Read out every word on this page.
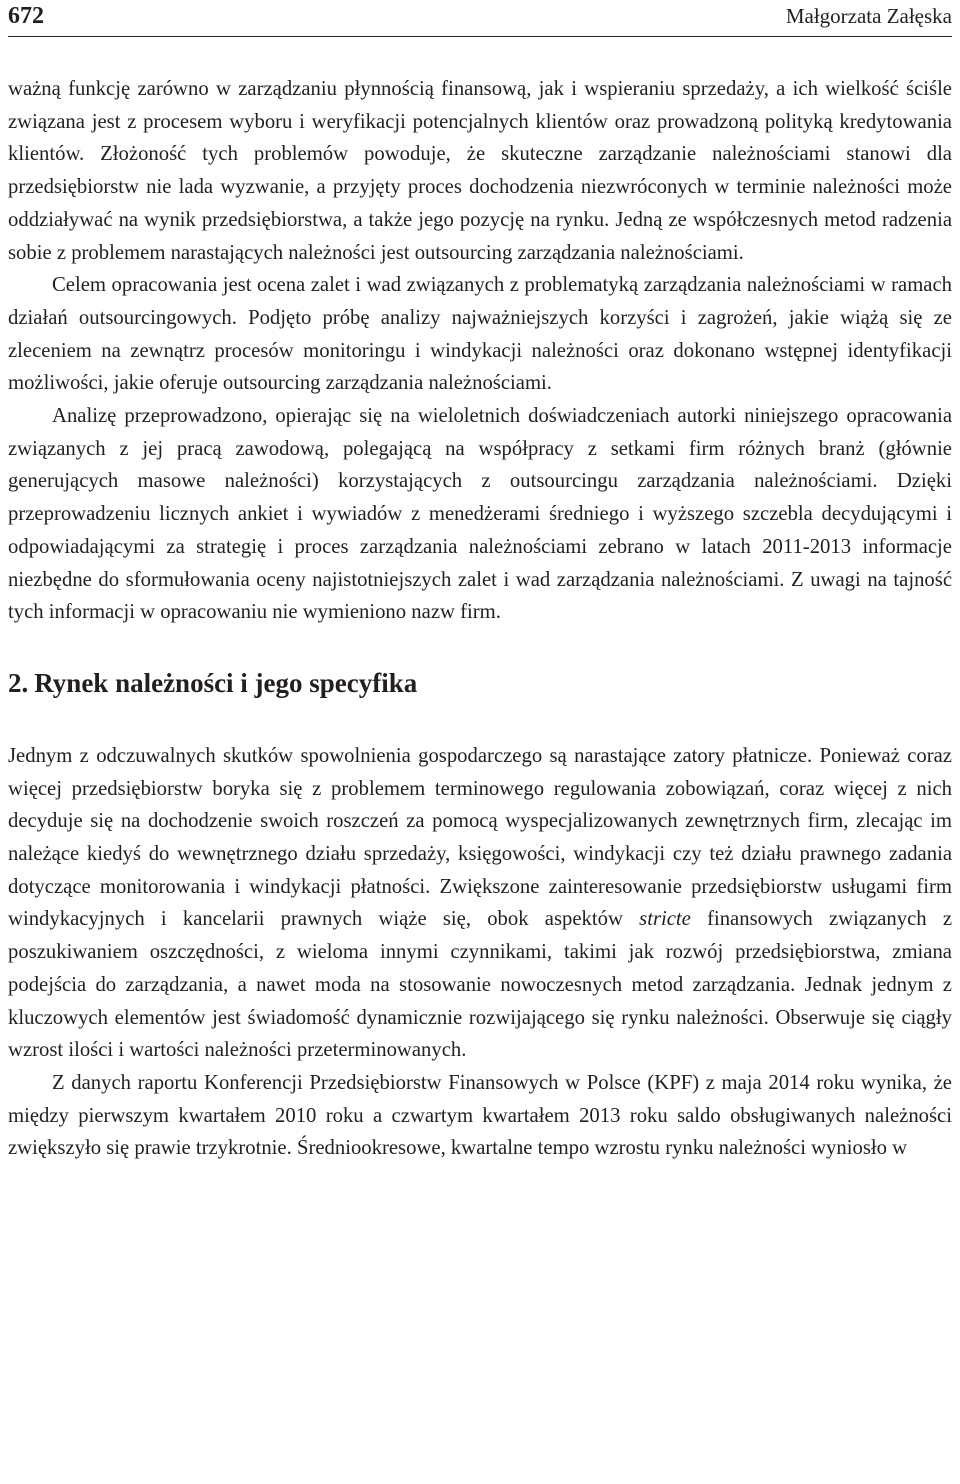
672	Małgorzata Załęska

ważną funkcję zarówno w zarządzaniu płynnością finansową, jak i wspieraniu sprzedaży, a ich wielkość ściśle związana jest z procesem wyboru i weryfikacji potencjalnych klientów oraz prowadzoną polityką kredytowania klientów. Złożoność tych problemów powoduje, że skuteczne zarządzanie należnościami stanowi dla przedsiębiorstw nie lada wyzwanie, a przyjęty proces dochodzenia niezwróconych w terminie należności może oddziaływać na wynik przedsiębiorstwa, a także jego pozycję na rynku. Jedną ze współczesnych metod radzenia sobie z problemem narastających należności jest outsourcing zarządzania należnościami.

Celem opracowania jest ocena zalet i wad związanych z problematyką zarządzania należnościami w ramach działań outsourcingowych. Podjęto próbę analizy najważniejszych korzyści i zagrożeń, jakie wiążą się ze zleceniem na zewnątrz procesów monitoringu i windykacji należności oraz dokonano wstępnej identyfikacji możliwości, jakie oferuje outsourcing zarządzania należnościami.

Analizę przeprowadzono, opierając się na wieloletnich doświadczeniach autorki niniejszego opracowania związanych z jej pracą zawodową, polegającą na współpracy z setkami firm różnych branż (głównie generujących masowe należności) korzystających z outsourcingu zarządzania należnościami. Dzięki przeprowadzeniu licznych ankiet i wywiadów z menedżerami średniego i wyższego szczebla decydującymi i odpowiadającymi za strategię i proces zarządzania należnościami zebrano w latach 2011-2013 informacje niezbędne do sformułowania oceny najistotniejszych zalet i wad zarządzania należnościami. Z uwagi na tajność tych informacji w opracowaniu nie wymieniono nazw firm.

2. Rynek należności i jego specyfika

Jednym z odczuwalnych skutków spowolnienia gospodarczego są narastające zatory płatnicze. Ponieważ coraz więcej przedsiębiorstw boryka się z problemem terminowego regulowania zobowiązań, coraz więcej z nich decyduje się na dochodzenie swoich roszczeń za pomocą wyspecjalizowanych zewnętrznych firm, zlecając im należące kiedyś do wewnętrznego działu sprzedaży, księgowości, windykacji czy też działu prawnego zadania dotyczące monitorowania i windykacji płatności. Zwiększone zainteresowanie przedsiębiorstw usługami firm windykacyjnych i kancelarii prawnych wiąże się, obok aspektów stricte finansowych związanych z poszukiwaniem oszczędności, z wieloma innymi czynnikami, takimi jak rozwój przedsiębiorstwa, zmiana podejścia do zarządzania, a nawet moda na stosowanie nowoczesnych metod zarządzania. Jednak jednym z kluczowych elementów jest świadomość dynamicznie rozwijającego się rynku należności. Obserwuje się ciągły wzrost ilości i wartości należności przeterminowanych.

Z danych raportu Konferencji Przedsiębiorstw Finansowych w Polsce (KPF) z maja 2014 roku wynika, że między pierwszym kwartałem 2010 roku a czwartym kwartałem 2013 roku saldo obsługiwanych należności zwiększyło się prawie trzykrotnie. Średniookresowe, kwartalne tempo wzrostu rynku należności wyniosło w
